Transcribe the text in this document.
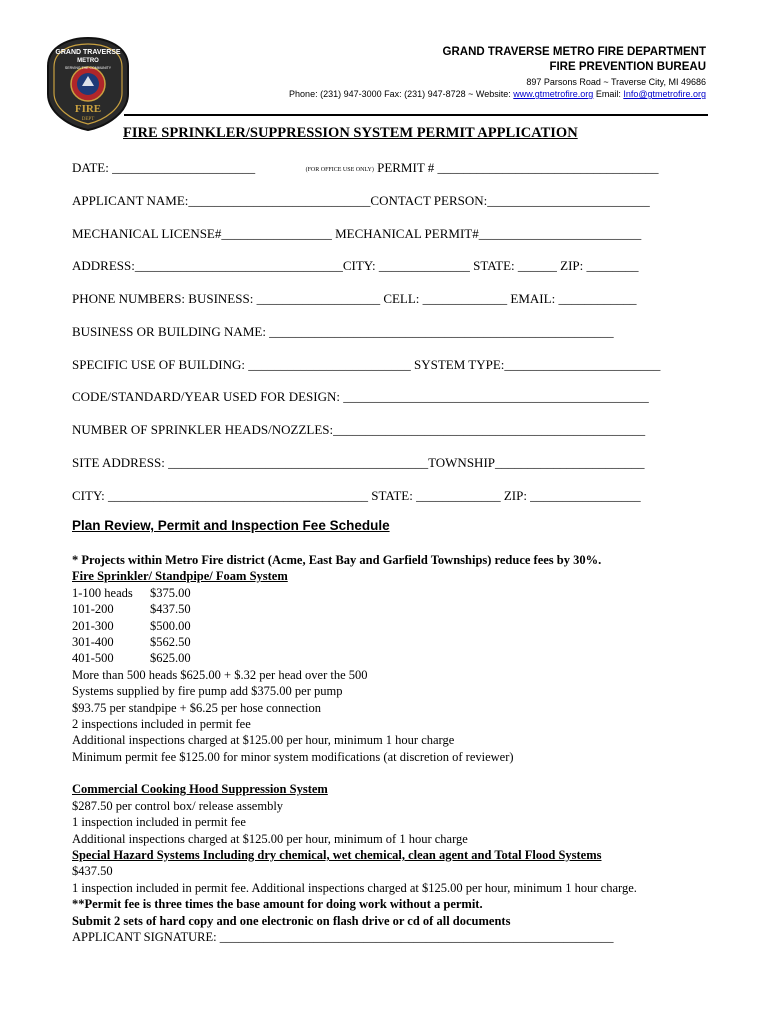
GRAND TRAVERSE
METRO
SERVING THE COMMUNITY
FIRE
DEPT
GRAND TRAVERSE METRO FIRE DEPARTMENT
FIRE PREVENTION BUREAU
897 Parsons Road ~ Traverse City, MI 49686
Phone: (231) 947-3000 Fax: (231) 947-8728 ~ Website: www.gtmetrofire.org Email: Info@gtmetrofire.org
FIRE SPRINKLER/SUPPRESSION SYSTEM PERMIT APPLICATION
DATE: ______________________	(FOR OFFICE USE ONLY) PERMIT # __________________________________
APPLICANT NAME:____________________________CONTACT PERSON:_________________________
MECHANICAL LICENSE#_________________ MECHANICAL PERMIT#_________________________
ADDRESS:________________________________CITY: ______________ STATE: ______ ZIP: ________
PHONE NUMBERS: BUSINESS: ___________________ CELL: _____________ EMAIL: ____________
BUSINESS OR BUILDING NAME: _____________________________________________________
SPECIFIC USE OF BUILDING: _________________________ SYSTEM TYPE:________________________
CODE/STANDARD/YEAR USED FOR DESIGN: _______________________________________________
NUMBER OF SPRINKLER HEADS/NOZZLES:________________________________________________
SITE ADDRESS: ________________________________________TOWNSHIP_______________________
CITY: ________________________________________ STATE: _____________ ZIP: _________________
Plan Review, Permit and Inspection Fee Schedule
* Projects within Metro Fire district (Acme, East Bay and Garfield Townships) reduce fees by 30%.
Fire Sprinkler/ Standpipe/ Foam System
1-100 heads $375.00
101-200	$437.50
201-300	$500.00
301-400	$562.50
401-500	$625.00
More than 500 heads $625.00 + $.32 per head over the 500
Systems supplied by fire pump add $375.00 per pump
$93.75 per standpipe + $6.25 per hose connection
2 inspections included in permit fee
Additional inspections charged at $125.00 per hour, minimum 1 hour charge
Minimum permit fee $125.00 for minor system modifications (at discretion of reviewer)
Commercial Cooking Hood Suppression System
$287.50 per control box/ release assembly
1 inspection included in permit fee
Additional inspections charged at $125.00 per hour, minimum of 1 hour charge
Special Hazard Systems Including dry chemical, wet chemical, clean agent and Total Flood Systems
$437.50
1 inspection included in permit fee. Additional inspections charged at $125.00 per hour, minimum 1 hour charge.
**Permit fee is three times the base amount for doing work without a permit.
Submit 2 sets of hard copy and one electronic on flash drive or cd of all documents
APPLICANT SIGNATURE: _______________________________________________________________
